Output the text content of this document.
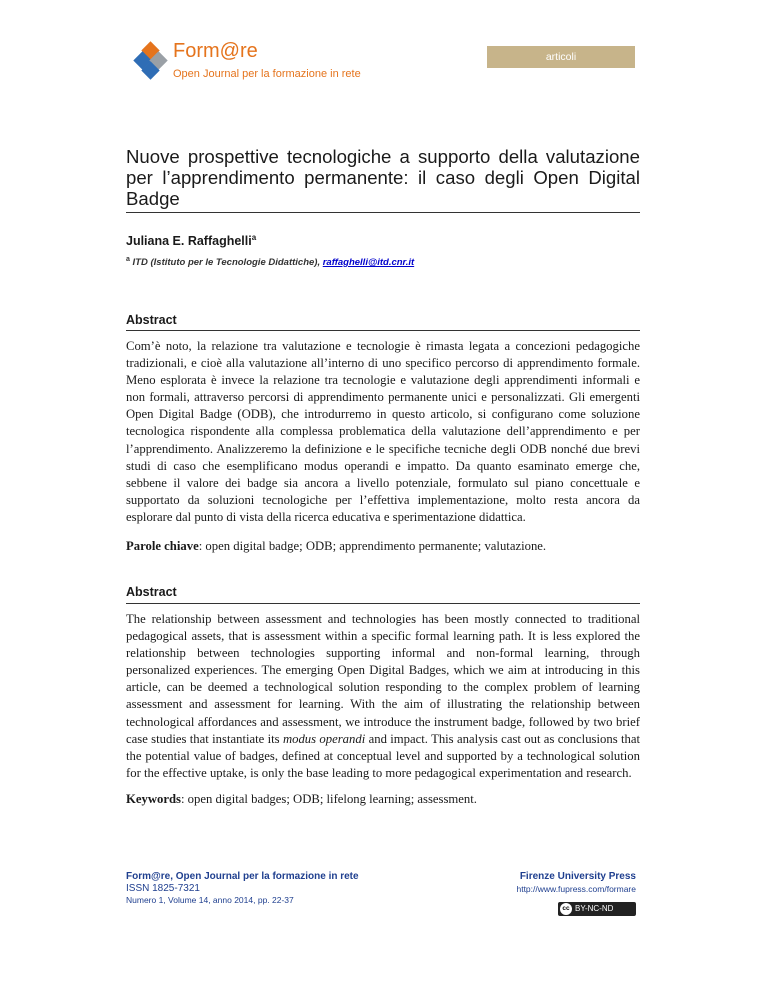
Form@re
Open Journal per la formazione in rete
articoli
Nuove prospettive tecnologiche a supporto della valutazione per l’apprendimento permanente: il caso degli Open Digital Badge
Juliana E. Raffaghelli$^a$
$^a$ ITD (Istituto per le Tecnologie Didattiche), raffaghelli@itd.cnr.it
Abstract

Com’è noto, la relazione tra valutazione e tecnologie è rimasta legata a concezioni pedagogiche tradizionali, e cioè alla valutazione all’interno di uno specifico percorso di apprendimento formale. Meno esplorata è invece la relazione tra tecnologie e valutazione degli apprendimenti informali e non formali, attraverso percorsi di apprendimento permanente unici e personalizzati. Gli emergenti Open Digital Badge (ODB), che introdurremo in questo articolo, si configurano come soluzione tecnologica rispondente alla complessa problematica della valutazione dell’apprendimento e per l’apprendimento. Analizzeremo la definizione e le specifiche tecniche degli ODB nonché due brevi studi di caso che esemplificano modus operandi e impatto. Da quanto esaminato emerge che, sebbene il valore dei badge sia ancora a livello potenziale, formulato sul piano concettuale e supportato da soluzioni tecnologiche per l’effettiva implementazione, molto resta ancora da esplorare dal punto di vista della ricerca educativa e sperimentazione didattica.

Parole chiave: open digital badge; ODB; apprendimento permanente; valutazione.

Abstract

The relationship between assessment and technologies has been mostly connected to traditional pedagogical assets, that is assessment within a specific formal learning path. It is less explored the relationship between technologies supporting informal and non-formal learning, through personalized experiences. The emerging Open Digital Badges, which we aim at introducing in this article, can be deemed a technological solution responding to the complex problem of learning assessment and assessment for learning. With the aim of illustrating the relationship between technological affordances and assessment, we introduce the instrument badge, followed by two brief case studies that instantiate its modus operandi and impact. This analysis cast out as conclusions that the potential value of badges, defined at conceptual level and supported by a technological solution for the effective uptake, is only the base leading to more pedagogical experimentation and research.

Keywords: open digital badges; ODB; lifelong learning; assessment.

Form@re, Open Journal per la formazione in rete
ISSN 1825-7321
Numero 1, Volume 14, anno 2014, pp. 22-37
Firenze University Press
http://www.fupress.com/formare
cc BY-NC-ND
